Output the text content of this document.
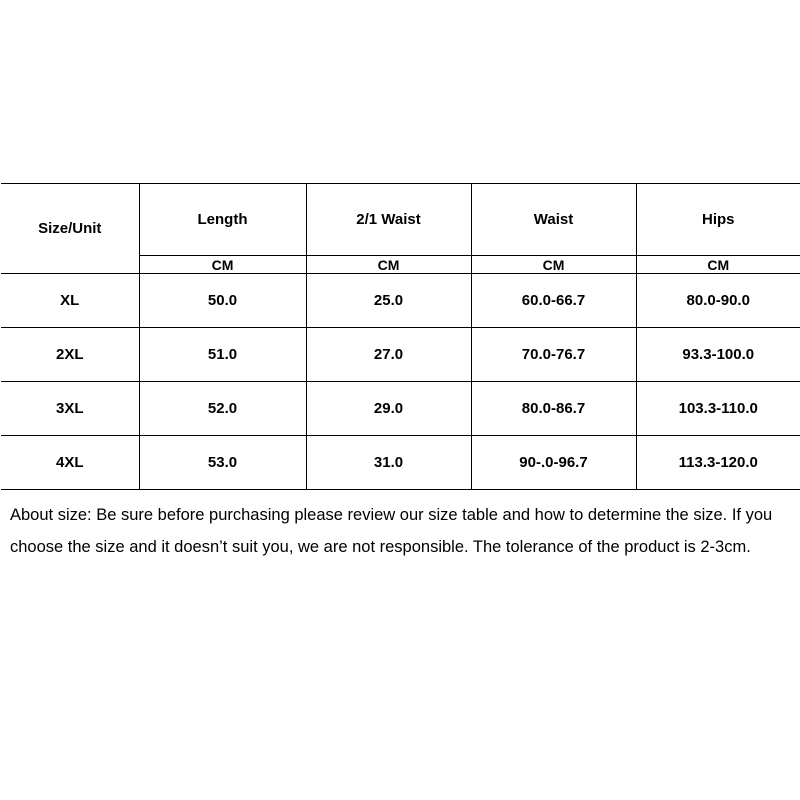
Size/Unit	Length	2/1 Waist	Waist	Hips
	CM	CM	CM	CM
XL	50.0	25.0	60.0-66.7	80.0-90.0
2XL	51.0	27.0	70.0-76.7	93.3-100.0
3XL	52.0	29.0	80.0-86.7	103.3-110.0
4XL	53.0	31.0	90-.0-96.7	113.3-120.0

About size: Be sure before purchasing please review our size table and how to determine the size. If you choose the size and it doesn’t suit you, we are not responsible. The tolerance of the product is 2-3cm.
